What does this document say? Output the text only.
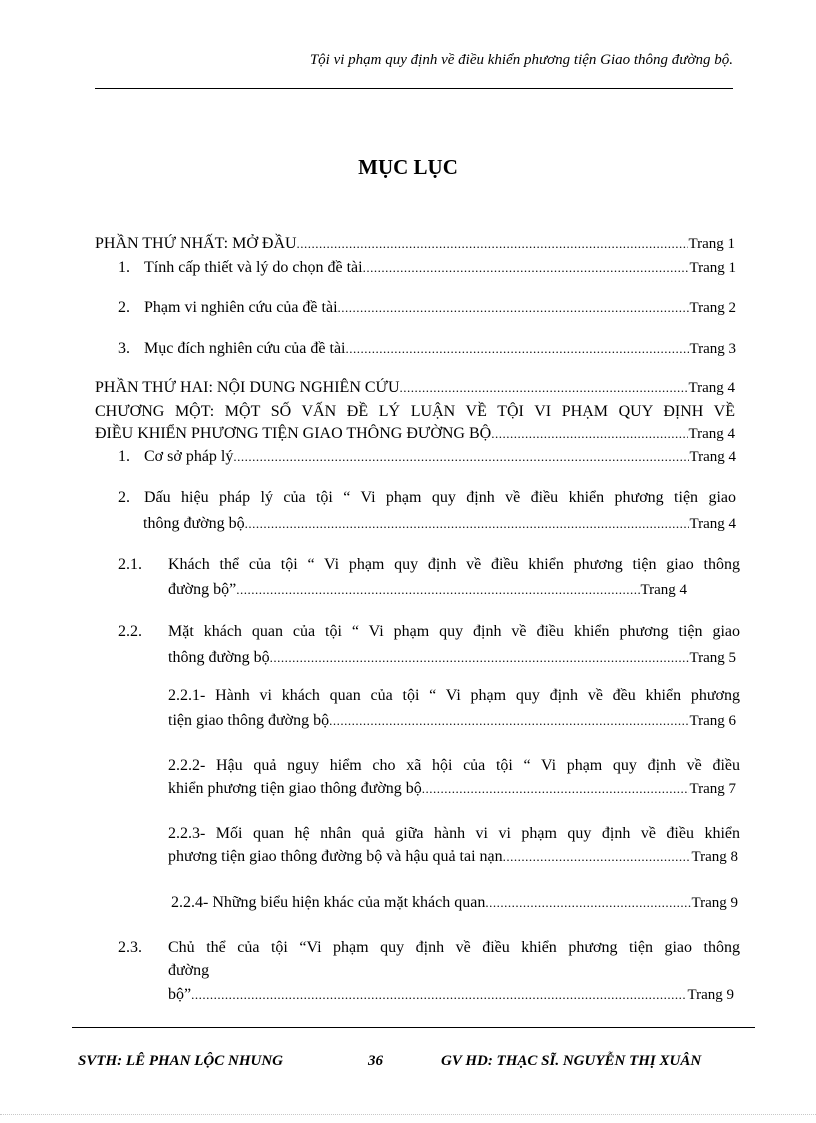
Tội vi phạm quy định về điều khiển phương tiện Giao thông đường bộ.
MỤC LỤC
PHẦN THỨ NHẤT: MỞ ĐẦU .....	Trang 1
1. Tính cấp thiết và lý do chọn đề tài .....	Trang 1
2. Phạm vi nghiên cứu của đề tài .....	Trang 2
3. Mục đích nghiên cứu của đề tài .....	Trang 3
PHẦN THỨ HAI: NỘI DUNG NGHIÊN CỨU .....	Trang 4
CHƯƠNG MỘT: MỘT SỐ VẤN ĐỀ LÝ LUẬN VỀ TỘI VI PHẠM QUY ĐỊNH VỀ
ĐIỀU KHIỂN PHƯƠNG TIỆN GIAO THÔNG ĐƯỜNG BỘ .....	Trang 4
1. Cơ sở pháp lý .....	Trang 4
2. Dấu hiệu pháp lý của tội “ Vi phạm quy định về điều khiển phương tiện giao
thông đường bộ .....	Trang 4
2.1.	Khách thể của tội “ Vi phạm quy định về điều khiển phương tiện giao thông
đường bộ” .....	Trang 4
2.2.	Mặt khách quan của tội “ Vi phạm quy định về điều khiển phương tiện giao
thông đường bộ .....	Trang 5
2.2.1- Hành vi khách quan của tội “ Vi phạm quy định về đều khiển phương
tiện giao thông đường bộ .....	Trang 6
2.2.2- Hậu quả nguy hiểm cho xã hội của tội “ Vi phạm quy định về điều
khiển phương tiện giao thông đường bộ .....	Trang 7
2.2.3- Mối quan hệ nhân quả giữa hành vi vi phạm quy định về điều khiển
phương tiện giao thông đường bộ và hậu quả tai nạn .....	Trang 8
2.2.4- Những biểu hiện khác của mặt khách quan .....	Trang 9
2.3.	Chủ thể của tội “Vi phạm quy định về điều khiển phương tiện giao thông
đường
bộ” .....	Trang 9
SVTH: LÊ PHAN LỘC NHUNG	36	GV HD: THẠC SĨ. NGUYỄN THỊ XUÂN
